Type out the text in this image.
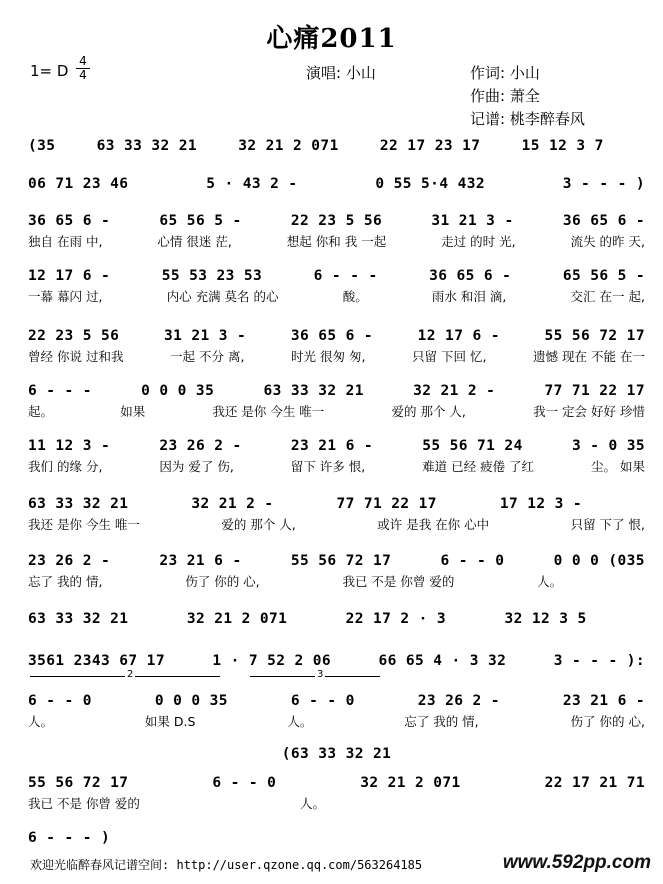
心痛2011
1= D
4
4	演唱: 小山	作词: 小山
作曲: 萧全
记谱: 桃李醉春风
(35	63 33 32 21	32 21 2 071	22 17 23 17	15 12 3 7
06 71 23 46	5 · 43 2 -	0 55 5·4 432	3 - - - )
36 65 6 -	65 56 5 -	22 23 5 56	31 21 3 -	36 65 6 -
独自 在雨 中,	心情 很迷 茫,	想起 你和 我 一起	走过 的时 光,	流失 的昨 天,
12 17 6 -	55 53 23 53	6 - - -	36 65 6 -	65 56 5 -
一幕 幕闪 过,	内心 充满 莫名 的心	酸。	雨水 和泪 滴,	交汇 在一 起,
22 23 5 56	31 21 3 -	36 65 6 -	12 17 6 -	55 56 72 17
曾经 你说 过和我	一起 不分 离,	时光 很匆 匆,	只留 下回 忆,	遗憾 现在 不能 在一
6 - - -	0 0 0 35	63 33 32 21	32 21 2 -	77 71 22 17
起。	如果	我还 是你 今生 唯一	爱的 那个 人,	我一 定会 好好 珍惜
11 12 3 -	23 26 2 -	23 21 6 -	55 56 71 24	3 - 0 35
我们 的缘 分,	因为 爱了 伤,	留下 许多 恨,	难道 已经 疲倦 了红	尘。 如果
63 33 32 21	32 21 2 -	77 71 22 17	17 12 3 -
我还 是你 今生 唯一	爱的 那个 人,	或许 是我 在你 心中	只留 下了 恨,
23 26 2 -	23 21 6 -	55 56 72 17	6 - - 0	0 0 0 (035
忘了 我的 情,	伤了 你的 心,	我已 不是 你曾 爱的	人。
63 33 32 21	32 21 2 071	22 17 2 · 3	32 12 3 5
3561 2343 67 17	1 · 7 52 2 06	66 65 4 · 3 32	3 - - - ):
6 - - 0	0 0 0 35	6 - - 0	23 26 2 -	23 21 6 -
人。	如果 D.S	人。	忘了 我的 情,	伤了 你的 心,
(63 33 32 21
55 56 72 17	6 - - 0	32 21 2 071	22 17 21 71
我已 不是 你曾 爱的	人。
6 - - - )
2	3
欢迎光临醉春风记谱空间: http://user.qzone.qq.com/563264185	www.592pp.com
